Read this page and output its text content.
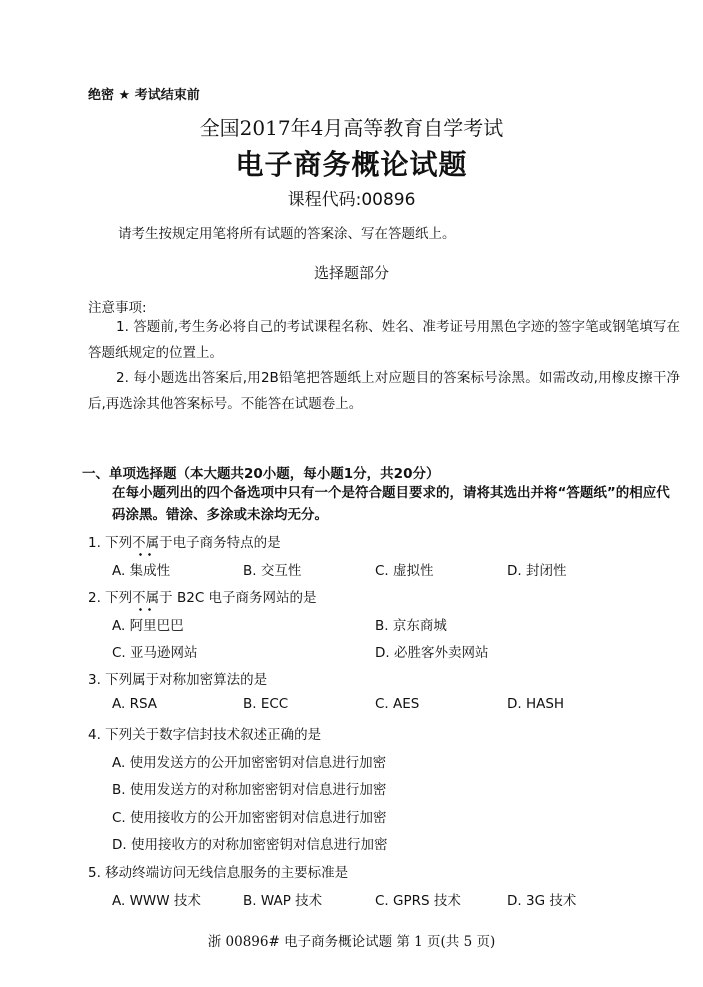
绝密 ★ 考试结束前
全国2017年4月高等教育自学考试
电子商务概论试题
课程代码:00896
请考生按规定用笔将所有试题的答案涂、写在答题纸上。
选择题部分
注意事项:
1. 答题前,考生务必将自己的考试课程名称、姓名、准考证号用黑色字迹的签字笔或钢笔填写在答题纸规定的位置上。
2. 每小题选出答案后,用2B铅笔把答题纸上对应题目的答案标号涂黑。如需改动,用橡皮擦干净后,再选涂其他答案标号。不能答在试题卷上。
一、单项选择题（本大题共20小题，每小题1分，共20分）
在每小题列出的四个备选项中只有一个是符合题目要求的，请将其选出并将“答题纸”的相应代码涂黑。错涂、多涂或未涂均无分。
1. 下列不属于电子商务特点的是
A. 集成性	B. 交互性	C. 虚拟性	D. 封闭性
2. 下列不属于 B2C 电子商务网站的是
A. 阿里巴巴	B. 京东商城
C. 亚马逊网站	D. 必胜客外卖网站
3. 下列属于对称加密算法的是
A. RSA	B. ECC	C. AES	D. HASH
4. 下列关于数字信封技术叙述正确的是
A. 使用发送方的公开加密密钥对信息进行加密
B. 使用发送方的对称加密密钥对信息进行加密
C. 使用接收方的公开加密密钥对信息进行加密
D. 使用接收方的对称加密密钥对信息进行加密
5. 移动终端访问无线信息服务的主要标准是
A. WWW 技术	B. WAP 技术	C. GPRS 技术	D. 3G 技术
浙 00896# 电子商务概论试题 第 1 页(共 5 页)
